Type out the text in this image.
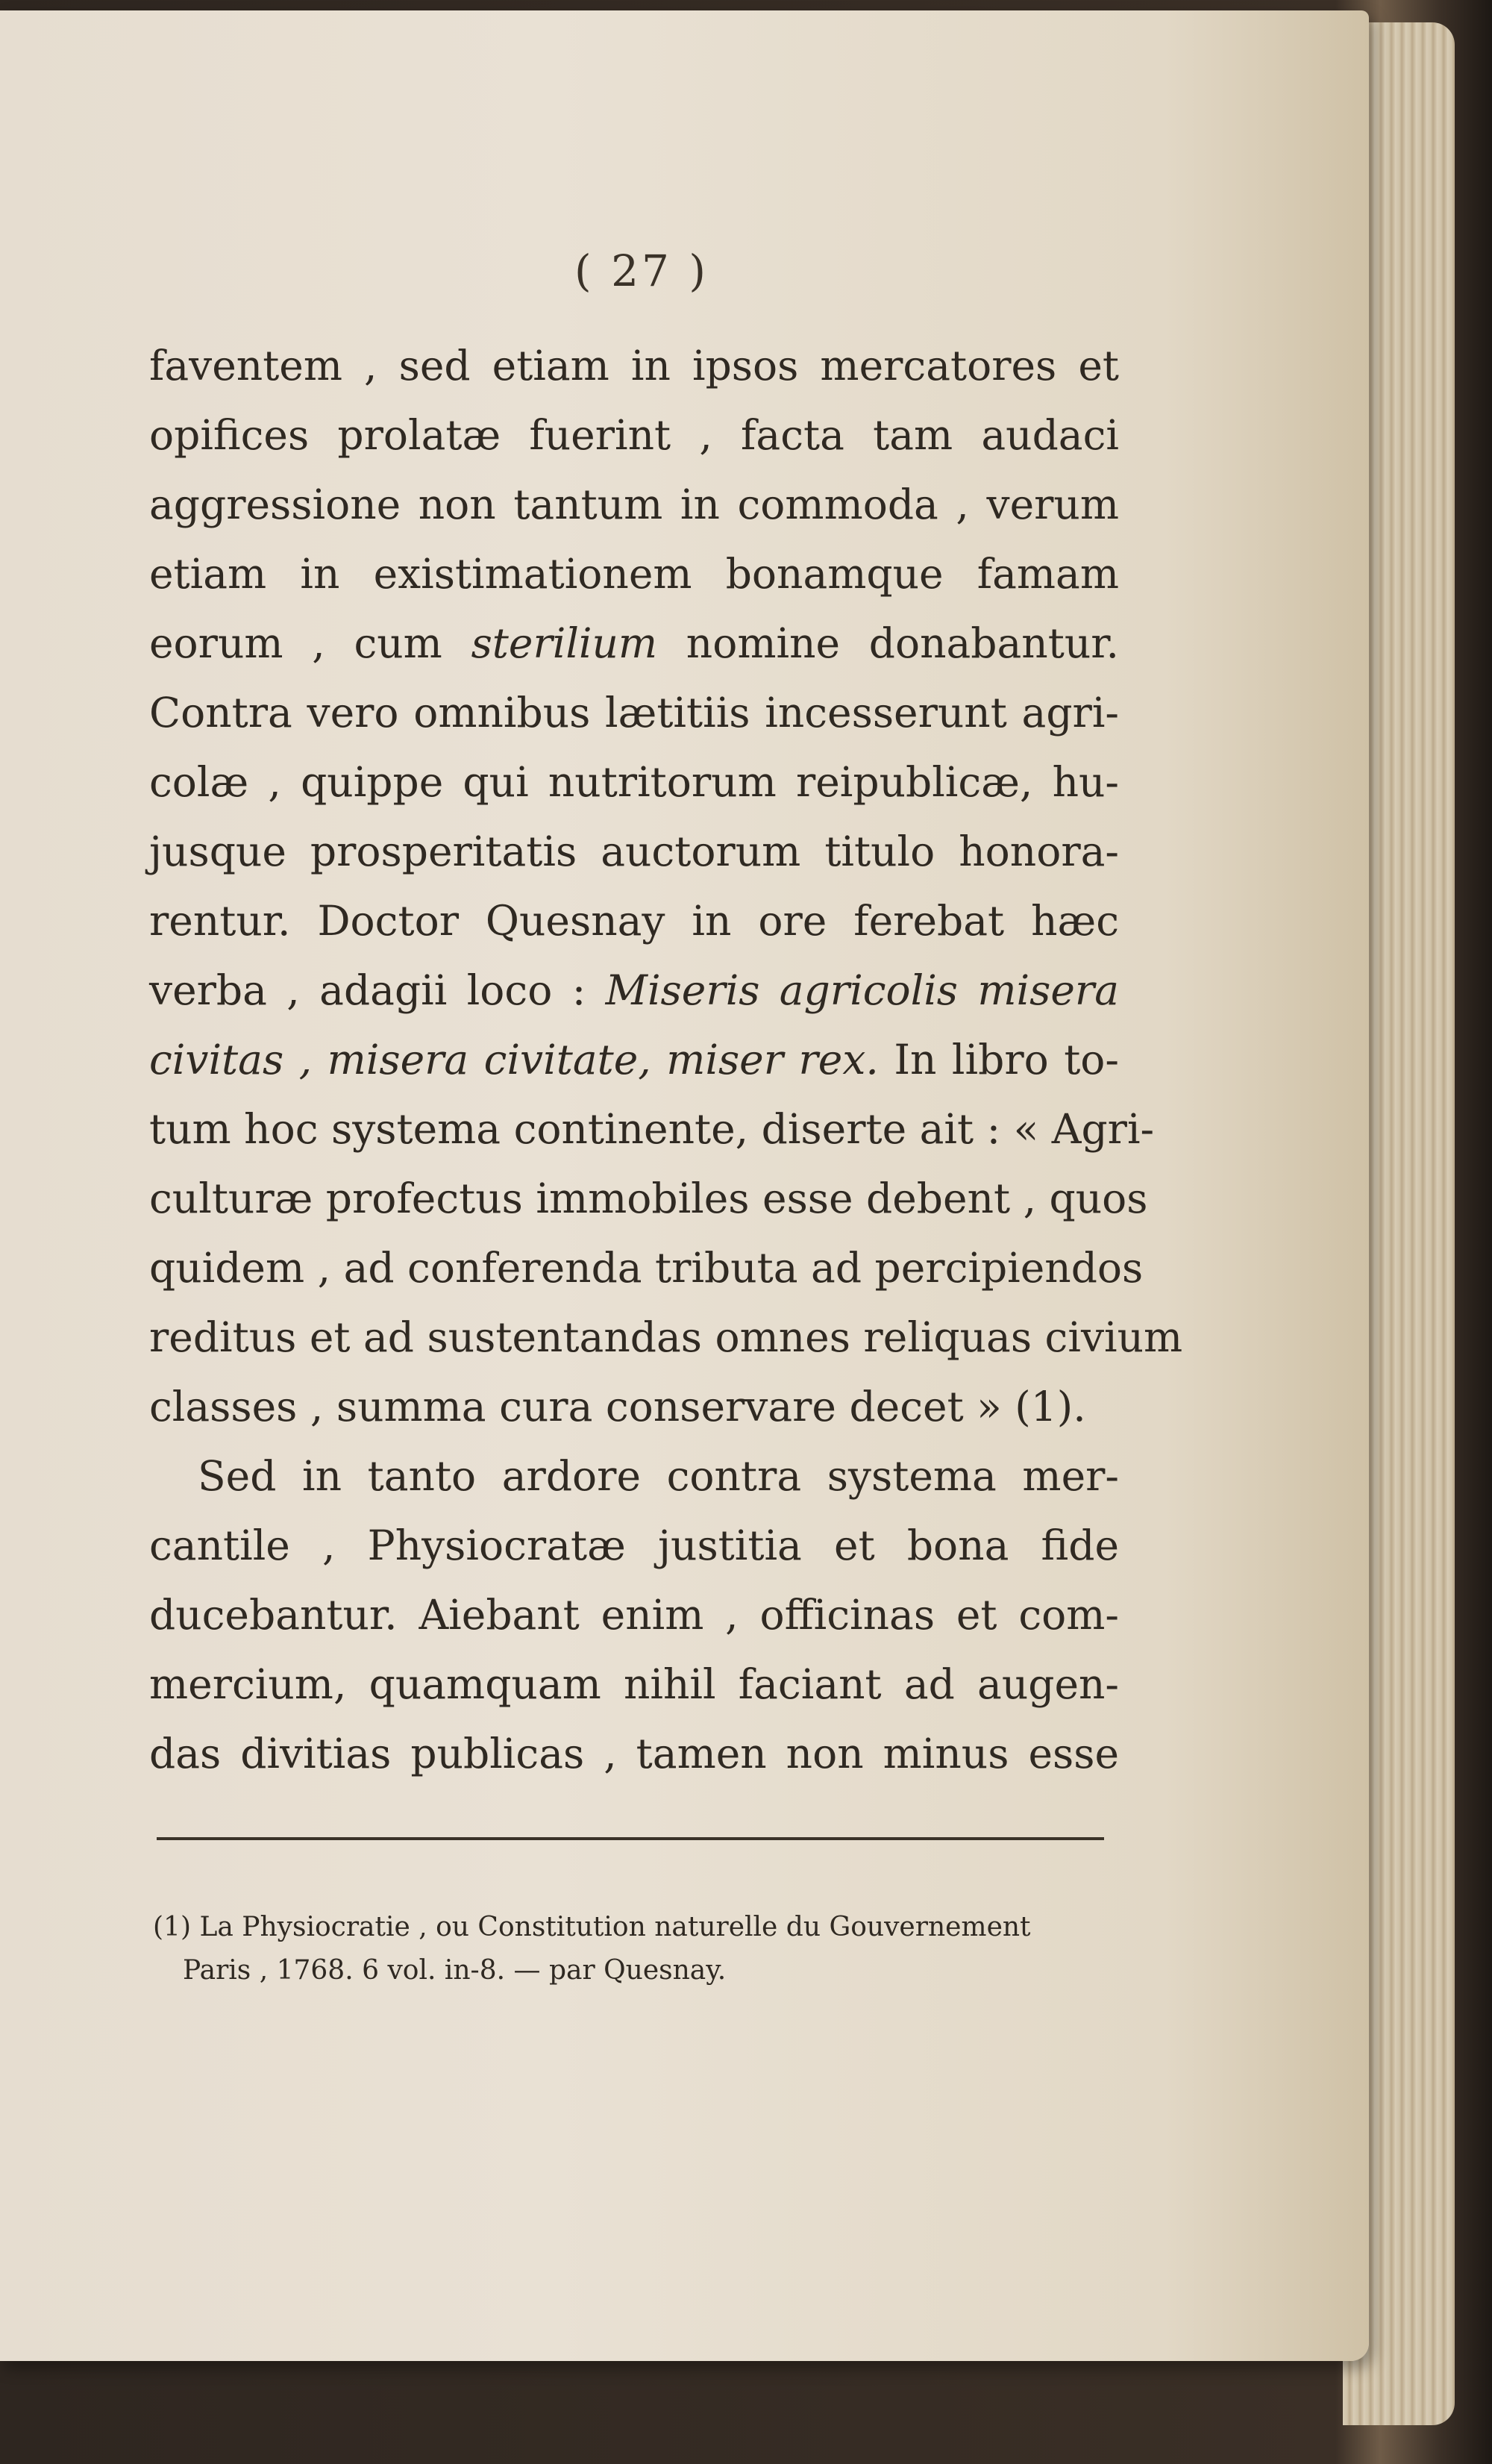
( 27 )
faventem , sed etiam in ipsos mercatores et
opifices prolatæ fuerint , facta tam audaci
aggressione non tantum in commoda , verum
etiam in existimationem bonamque famam
eorum , cum sterilium nomine donabantur.
Contra vero omnibus lætitiis incesserunt agri-
colæ , quippe qui nutritorum reipublicæ, hu-
jusque prosperitatis auctorum titulo honora-
rentur. Doctor Quesnay in ore ferebat hæc
verba , adagii loco : Miseris agricolis misera
civitas , misera civitate, miser rex. In libro to-
tum hoc systema continente, diserte ait : « Agri-
culturæ profectus immobiles esse debent , quos
quidem , ad conferenda tributa ad percipiendos
reditus et ad sustentandas omnes reliquas civium
classes , summa cura conservare decet » (1).
Sed in tanto ardore contra systema mer-
cantile , Physiocratæ justitia et bona fide
ducebantur. Aiebant enim , officinas et com-
mercium, quamquam nihil faciant ad augen-
das divitias publicas , tamen non minus esse
(1) La Physiocratie , ou Constitution naturelle du Gouvernement
Paris , 1768. 6 vol. in-8. — par Quesnay.
